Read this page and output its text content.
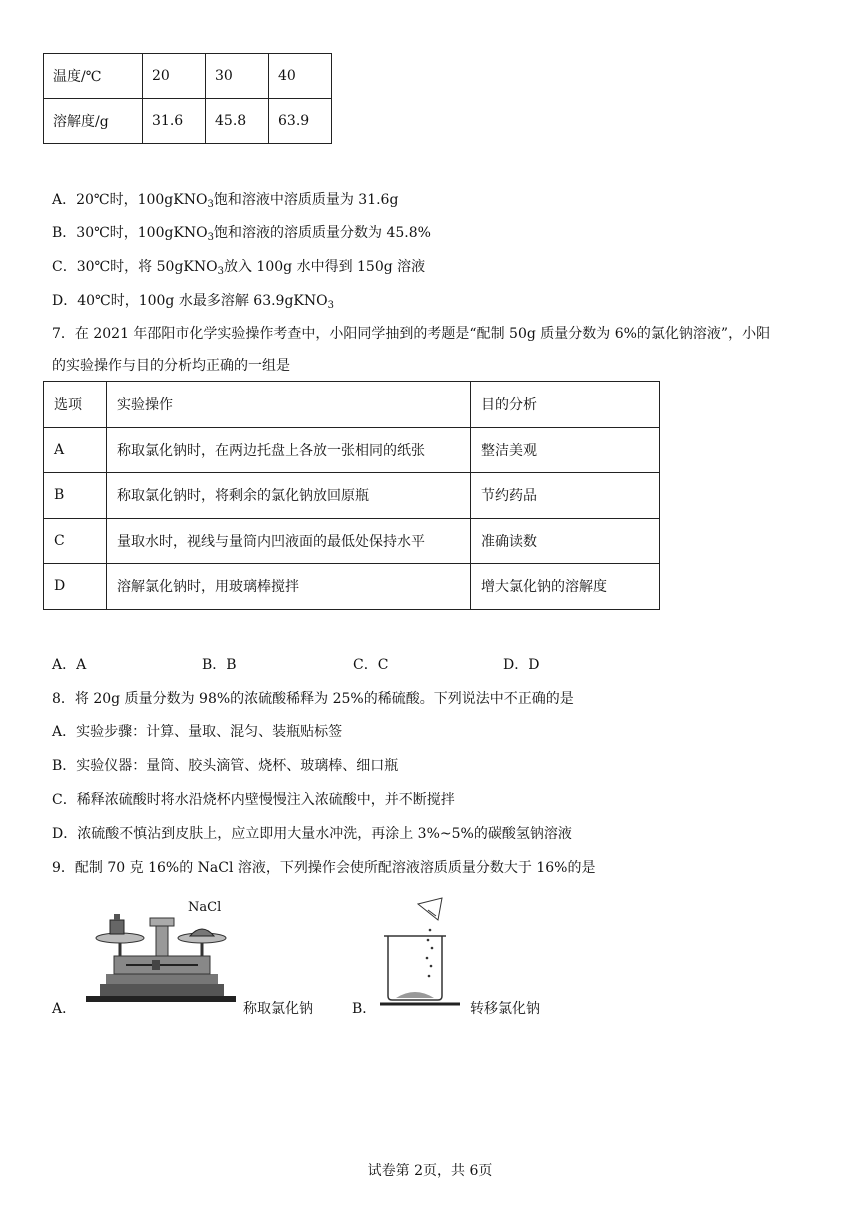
温度/℃	20	30	40
溶解度/g	31.6	45.8	63.9
A．20℃时，100gKNO$_3$饱和溶液中溶质质量为 31.6g
B．30℃时，100gKNO$_3$饱和溶液的溶质质量分数为 45.8%
C．30℃时，将 50gKNO$_3$放入 100g 水中得到 150g 溶液
D．40℃时，100g 水最多溶解 63.9gKNO$_3$
7．在 2021 年邵阳市化学实验操作考查中，小阳同学抽到的考题是“配制 50g 质量分数为 6%的氯化钠溶液”，小阳
的实验操作与目的分析均正确的一组是
选项	实验操作	目的分析
A	称取氯化钠时，在两边托盘上各放一张相同的纸张	整洁美观
B	称取氯化钠时，将剩余的氯化钠放回原瓶	节约药品
C	量取水时，视线与量筒内凹液面的最低处保持水平	准确读数
D	溶解氯化钠时，用玻璃棒搅拌	增大氯化钠的溶解度
A．A	B．B	C．C	D．D
8．将 20g 质量分数为 98%的浓硫酸稀释为 25%的稀硫酸。下列说法中不正确的是
A．实验步骤：计算、量取、混匀、装瓶贴标签
B．实验仪器：量筒、胶头滴管、烧杯、玻璃棒、细口瓶
C．稀释浓硫酸时将水沿烧杯内壁慢慢注入浓硫酸中，并不断搅拌
D．浓硫酸不慎沾到皮肤上，应立即用大量水冲洗，再涂上 3%~5%的碳酸氢钠溶液
9．配制 70 克 16%的 NaCl 溶液，下列操作会使所配溶液溶质质量分数大于 16%的是
A．
NaCl
称取氯化钠	B．	转移氯化钠
试卷第 2页，共 6页
